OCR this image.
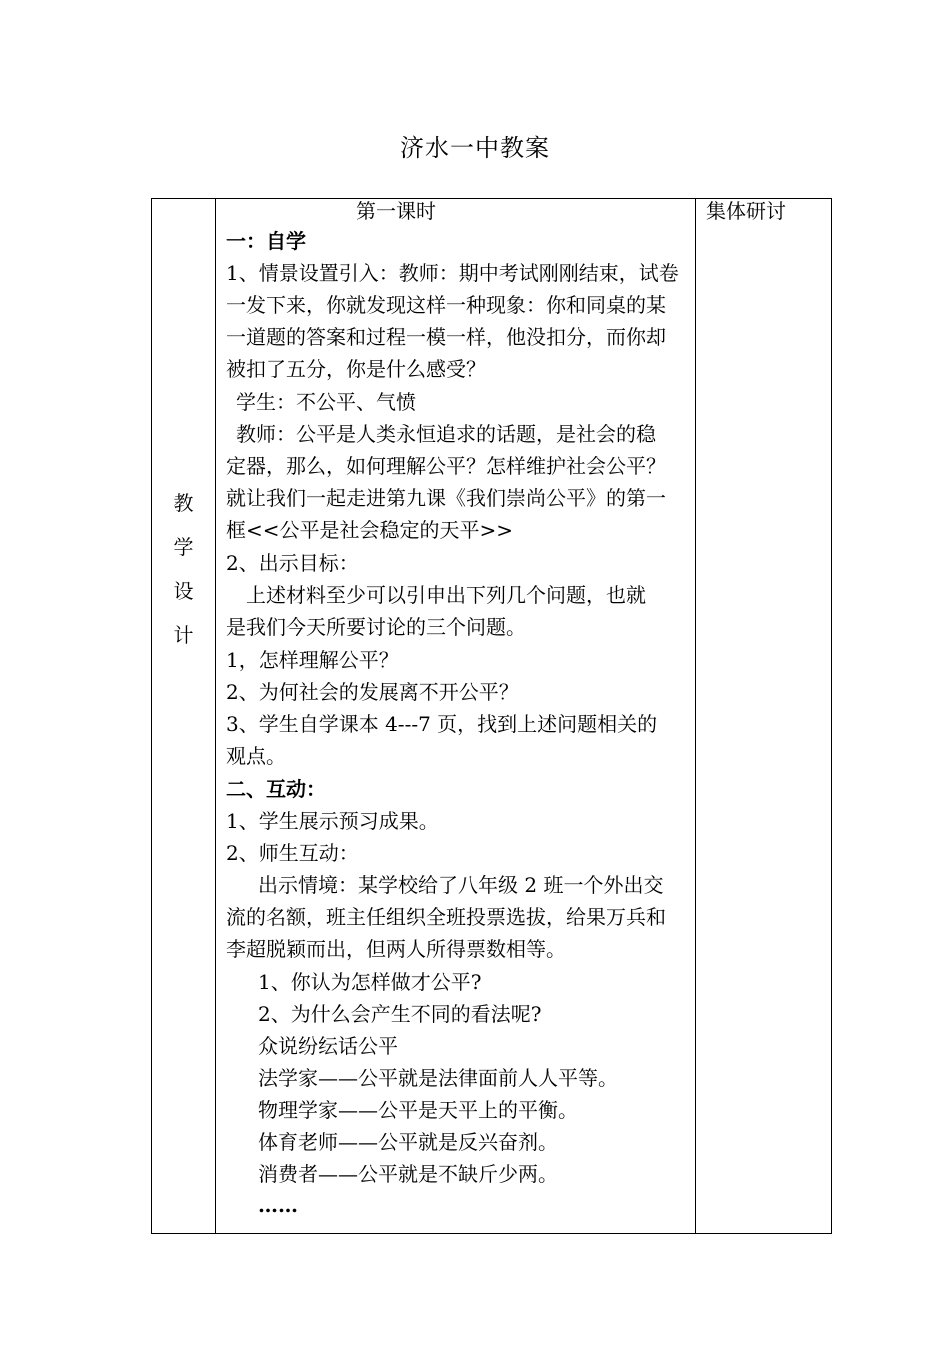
济水一中教案
教
学
设
计
集体研讨
第一课时
一：自学
1、情景设置引入：教师：期中考试刚刚结束，试卷
一发下来，你就发现这样一种现象：你和同桌的某
一道题的答案和过程一模一样，他没扣分，而你却
被扣了五分，你是什么感受？
学生：不公平、气愤
教师：公平是人类永恒追求的话题，是社会的稳
定器，那么，如何理解公平？怎样维护社会公平？
就让我们一起走进第九课《我们崇尚公平》的第一
框<<公平是社会稳定的天平>>
2、出示目标：
上述材料至少可以引申出下列几个问题，也就
是我们今天所要讨论的三个问题。
1，怎样理解公平？
2、为何社会的发展离不开公平？
3、学生自学课本 4---7 页，找到上述问题相关的
观点。
二、互动：
1、学生展示预习成果。
2、师生互动：
出示情境：某学校给了八年级 2 班一个外出交
流的名额，班主任组织全班投票选拔，给果万兵和
李超脱颖而出，但两人所得票数相等。
1、你认为怎样做才公平?
2、为什么会产生不同的看法呢?
众说纷纭话公平
法学家——公平就是法律面前人人平等。
物理学家——公平是天平上的平衡。
体育老师——公平就是反兴奋剂。
消费者——公平就是不缺斤少两。
……
